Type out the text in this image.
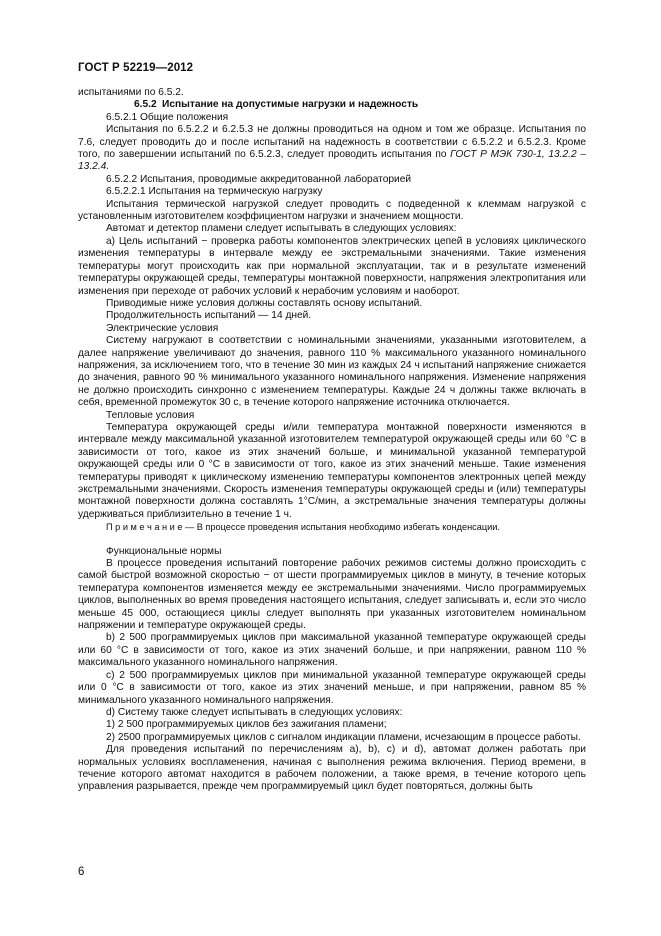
ГОСТ Р 52219—2012

испытаниями по 6.5.2.

6.5.2 Испытание на допустимые нагрузки и надежность

6.5.2.1 Общие положения

Испытания по 6.5.2.2 и 6.2.5.3 не должны проводиться на одном и том же образце. Испытания по 7.6, следует проводить до и после испытаний на надежность в соответствии с 6.5.2.2 и 6.5.2.3. Кроме того, по завершении испытаний по 6.5.2.3, следует проводить испытания по ГОСТ Р МЭК 730-1, 13.2.2 – 13.2.4.

6.5.2.2 Испытания, проводимые аккредитованной лабораторией

6.5.2.2.1 Испытания на термическую нагрузку

Испытания термической нагрузкой следует проводить с подведенной к клеммам нагрузкой с установленным изготовителем коэффициентом нагрузки и значением мощности.

Автомат и детектор пламени следует испытывать в следующих условиях:

а) Цель испытаний − проверка работы компонентов электрических цепей в условиях циклического изменения температуры в интервале между ее экстремальными значениями. Такие изменения температуры могут происходить как при нормальной эксплуатации, так и в результате изменений температуры окружающей среды, температуры монтажной поверхности, напряжения электропитания или изменения при переходе от рабочих условий к нерабочим условиям и наоборот.

Приводимые ниже условия должны составлять основу испытаний.

Продолжительность испытаний — 14 дней.

Электрические условия

Систему нагружают в соответствии с номинальными значениями, указанными изготовителем, а далее напряжение увеличивают до значения, равного 110 % максимального указанного номинального напряжения, за исключением того, что в течение 30 мин из каждых 24 ч испытаний напряжение снижается до значения, равного 90 % минимального указанного номинального напряжения. Изменение напряжения не должно происходить синхронно с изменением температуры. Каждые 24 ч должны также включать в себя, временной промежуток 30 с, в течение которого напряжение источника отключается.

Тепловые условия

Температура окружающей среды и/или температура монтажной поверхности изменяются в интервале между максимальной указанной изготовителем температурой окружающей среды или 60 °С в зависимости от того, какое из этих значений больше, и минимальной указанной температурой окружающей среды или 0 °С в зависимости от того, какое из этих значений меньше. Такие изменения температуры приводят к циклическому изменению температуры компонентов электронных цепей между экстремальными значениями. Скорость изменения температуры окружающей среды и (или) температуры монтажной поверхности должна составлять 1°С/мин, а экстремальные значения температуры должны удерживаться приблизительно в течение 1 ч.

П р и м е ч а н и е — В процессе проведения испытания необходимо избегать конденсации.

Функциональные нормы

В процессе проведения испытаний повторение рабочих режимов системы должно происходить с самой быстрой возможной скоростью − от шести программируемых циклов в минуту, в течение которых температура компонентов изменяется между ее экстремальными значениями. Число программируемых циклов, выполненных во время проведения настоящего испытания, следует записывать и, если это число меньше 45 000, остающиеся циклы следует выполнять при указанных изготовителем номинальном напряжении и температуре окружающей среды.

b) 2 500 программируемых циклов при максимальной указанной температуре окружающей среды или 60 °С в зависимости от того, какое из этих значений больше, и при напряжении, равном 110 % максимального указанного номинального напряжения.

с) 2 500 программируемых циклов при минимальной указанной температуре окружающей среды или 0 °С в зависимости от того, какое из этих значений меньше, и при напряжении, равном 85 % минимального указанного номинального напряжения.

d) Систему также следует испытывать в следующих условиях:

1) 2 500 программируемых циклов без зажигания пламени;

2) 2500 программируемых циклов с сигналом индикации пламени, исчезающим в процессе работы.

Для проведения испытаний по перечислениям а), b), с) и d), автомат должен работать при нормальных условиях воспламенения, начиная с выполнения режима включения. Период времени, в течение которого автомат находится в рабочем положении, а также время, в течение которого цепь управления разрывается, прежде чем программируемый цикл будет повторяться, должны быть

6
